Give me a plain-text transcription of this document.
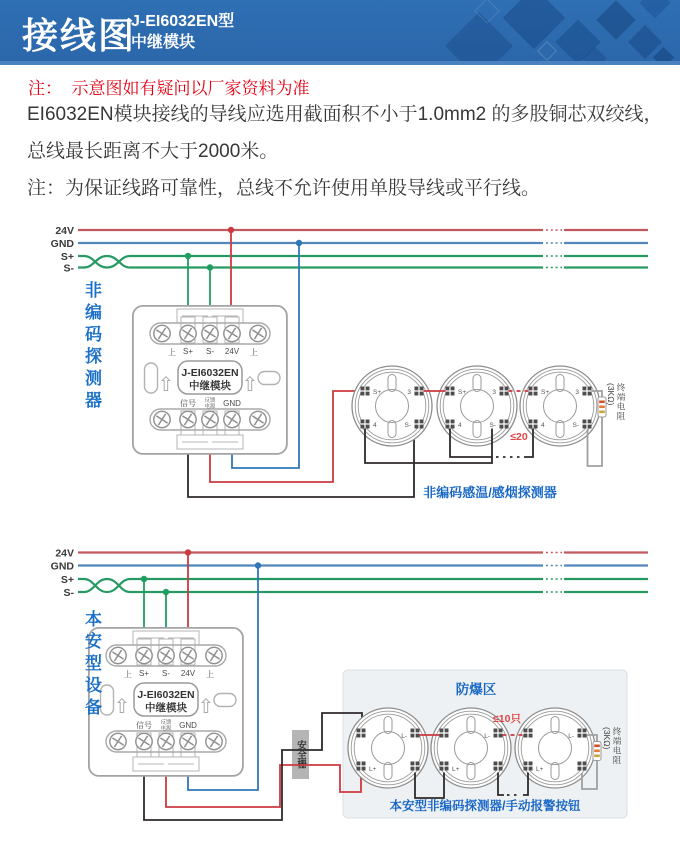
接线图
J-EI6032EN型
中继模块
注：  示意图如有疑问以厂家资料为准
EI6032EN模块接线的导线应选用截面积不小于1.0mm2 的多股铜芯双绞线，
总线最长距离不大于2000米。
注：为保证线路可靠性，总线不允许使用单股导线或平行线。
非编码探测器
本安型设备
(3KΩ) 终端电阻
(3KΩ) 终端电阻
安全栅
24V
GND
S+
S-
S+	3
4	S-
S+	3
4	S-
S+	3
4	S-
≤20
非编码感温/感烟探测器
防爆区
24V
GND
S+
S-
L-
L+
L-
L+
L-
L+
≤10只
本安型非编码探测器/手动报警按钮
